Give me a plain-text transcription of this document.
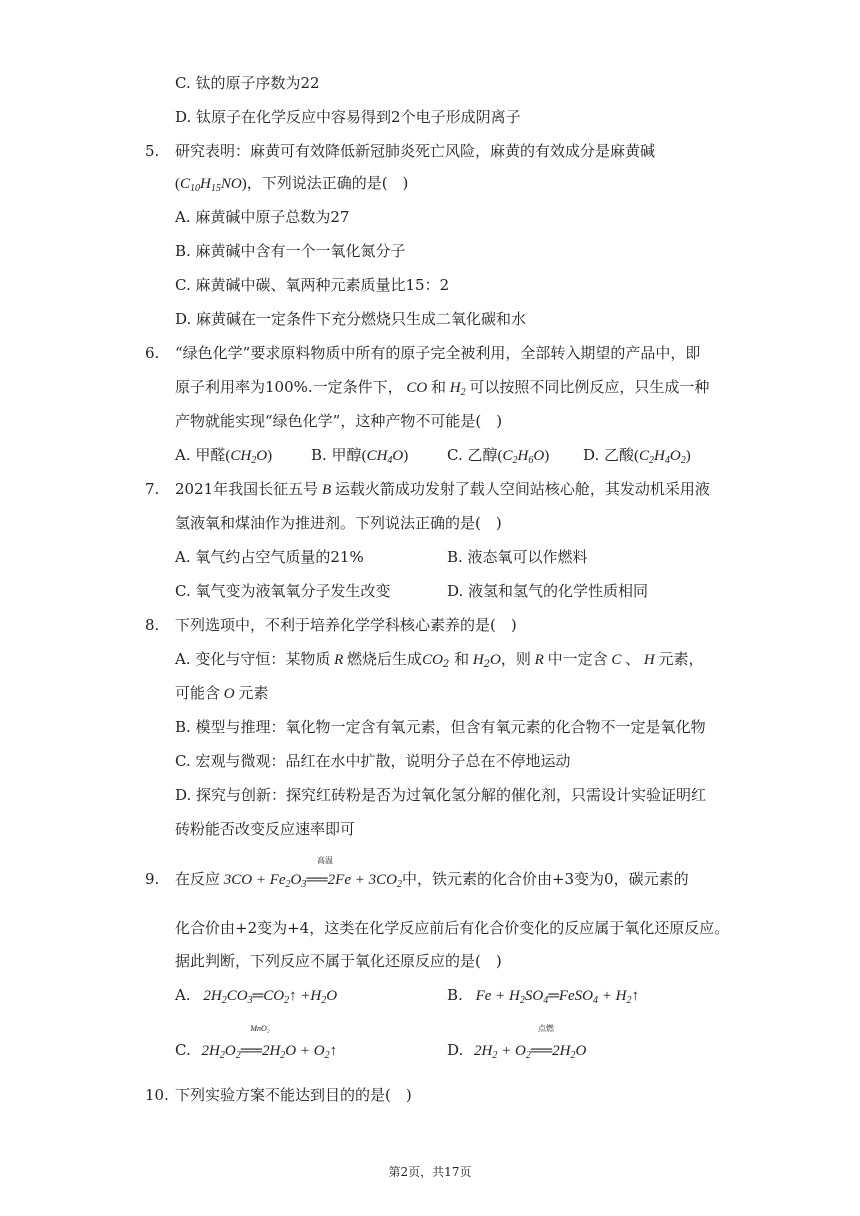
C. 钛的原子序数为22
D. 钛原子在化学反应中容易得到2个电子形成阴离子
5. 研究表明：麻黄可有效降低新冠肺炎死亡风险，麻黄的有效成分是麻黄碱
$(C_{10}H_{15}NO)$，下列说法正确的是(　)
A. 麻黄碱中原子总数为27
B. 麻黄碱中含有一个一氧化氮分子
C. 麻黄碱中碳、氧两种元素质量比15：2
D. 麻黄碱在一定条件下充分燃烧只生成二氧化碳和水
6. “绿色化学”要求原料物质中所有的原子完全被利用，全部转入期望的产品中，即
原子利用率为100%.一定条件下， CO 和 $H_2$ 可以按照不同比例反应，只生成一种
产物就能实现“绿色化学”，这种产物不可能是(　)
A. 甲醛$(CH_2O)$	B. 甲醇$(CH_4O)$	C. 乙醇$(C_2H_6O)$ D. 乙酸$(C_2H_4O_2)$
7. 2021年我国长征五号 B 运载火箭成功发射了载人空间站核心舱，其发动机采用液
氢液氧和煤油作为推进剂。下列说法正确的是(　)
A. 氧气约占空气质量的21%	B. 液态氧可以作燃料
C. 氧气变为液氧氧分子发生改变	D. 液氢和氢气的化学性质相同
8. 下列选项中，不利于培养化学学科核心素养的是(　)
A. 变化与守恒：某物质 R 燃烧后生成$CO_2$ 和 $H_2O$，则 R 中一定含 C 、 H 元素，
可能含 O 元素
B. 模型与推理：氧化物一定含有氧元素，但含有氧元素的化合物不一定是氧化物
C. 宏观与微观：品红在水中扩散，说明分子总在不停地运动
D. 探究与创新：探究红砖粉是否为过氧化氢分解的催化剂，只需设计实验证明红
砖粉能否改变反应速率即可
9.
高温
在反应 $3CO + Fe_2O_3══2Fe + 3CO_2$中，铁元素的化合价由+3变为0，碳元素的
化合价由+2变为+4，这类在化学反应前后有化合价变化的反应属于氧化还原反应。
据此判断，下列反应不属于氧化还原反应的是(　)
A. $2H_2CO_3═CO_2↑ +H_2O$	B. $Fe + H_2SO_4═FeSO_4$ + $H_2↑$
MnO₂
C. $2H_2O_2══2H_2O$ + $O_2↑$
点燃
D. $2H_2$ + $O_2══2H_2O$
10. 下列实验方案不能达到目的的是(　)
第2页，共17页
